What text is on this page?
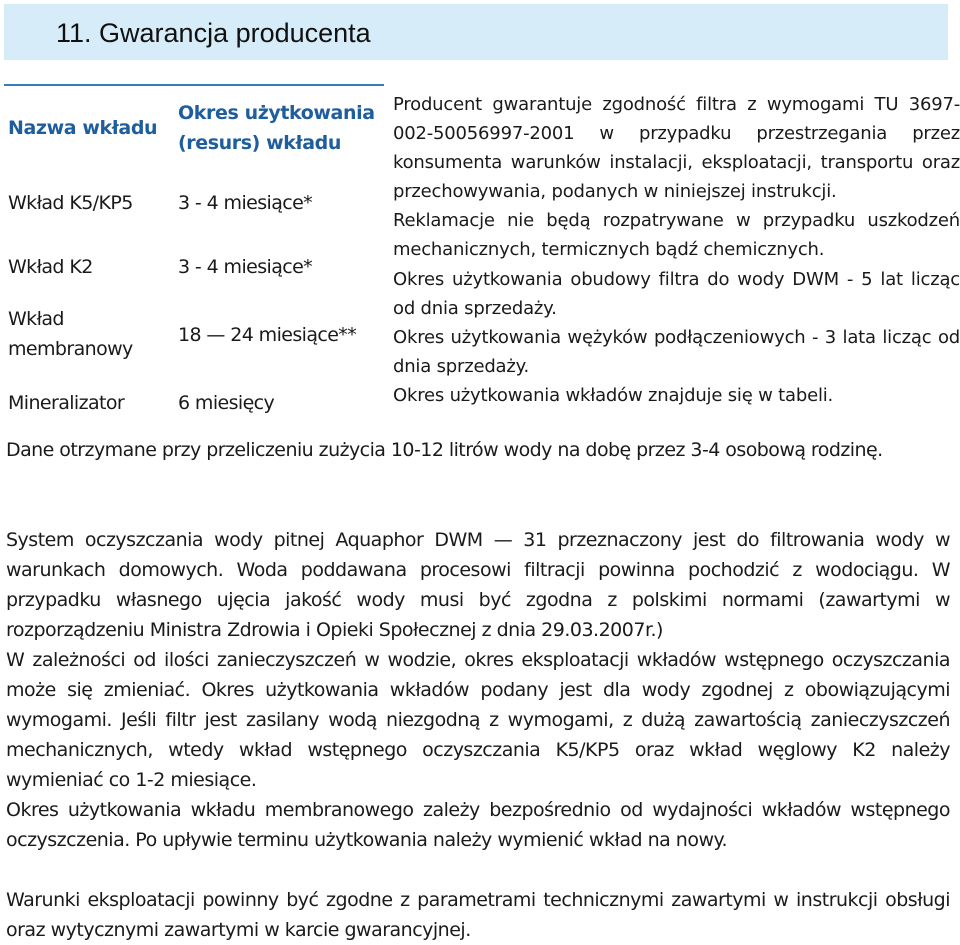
11. Gwarancja producenta
Nazwa wkładu
Okres użytkowania (resurs) wkładu
Wkład K5/KP5 3 - 4 miesiące*
Wkład K2	3 - 4 miesiące*
Wkład membranowy
18 — 24 miesiące**
Mineralizator	6 miesięcy

Producent gwarantuje zgodność filtra z wymogami TU 3697-002-50056997-2001 w przypadku przestrzegania przez konsumenta warunków instalacji, eksploatacji, transportu oraz przechowywania, podanych w niniejszej instrukcji.

Reklamacje nie będą rozpatrywane w przypadku uszkodzeń mechanicznych, termicznych bądź chemicznych.

Okres użytkowania obudowy filtra do wody DWM - 5 lat licząc od dnia sprzedaży.

Okres użytkowania wężyków podłączeniowych - 3 lata licząc od dnia sprzedaży.

Okres użytkowania wkładów znajduje się w tabeli.

Dane otrzymane przy przeliczeniu zużycia 10-12 litrów wody na dobę przez 3-4 osobową rodzinę.

System oczyszczania wody pitnej Aquaphor DWM — 31 przeznaczony jest do filtrowania wody w warunkach domowych. Woda poddawana procesowi filtracji powinna pochodzić z wodociągu. W przypadku własnego ujęcia jakość wody musi być zgodna z polskimi normami (zawartymi w rozporządzeniu Ministra Zdrowia i Opieki Społecznej z dnia 29.03.2007r.)

W zależności od ilości zanieczyszczeń w wodzie, okres eksploatacji wkładów wstępnego oczyszczania może się zmieniać. Okres użytkowania wkładów podany jest dla wody zgodnej z obowiązującymi wymogami. Jeśli filtr jest zasilany wodą niezgodną z wymogami, z dużą zawartością zanieczyszczeń mechanicznych, wtedy wkład wstępnego oczyszczania K5/KP5 oraz wkład węglowy K2 należy wymieniać co 1-2 miesiące.

Okres użytkowania wkładu membranowego zależy bezpośrednio od wydajności wkładów wstępnego oczyszczenia. Po upływie terminu użytkowania należy wymienić wkład na nowy.

Warunki eksploatacji powinny być zgodne z parametrami technicznymi zawartymi w instrukcji obsługi oraz wytycznymi zawartymi w karcie gwarancyjnej.
